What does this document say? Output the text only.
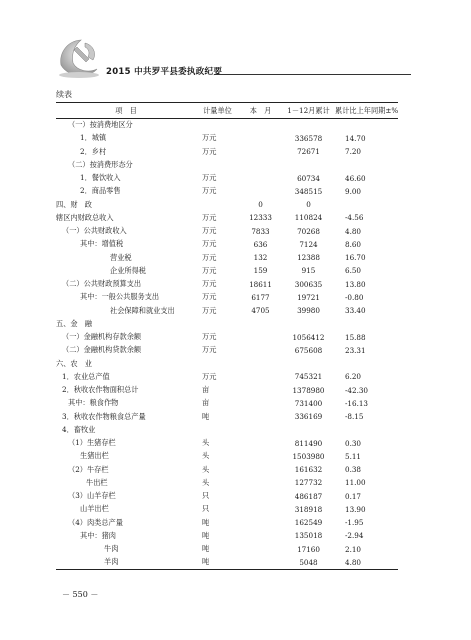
2015 中共罗平县委执政纪要
续表
项　目	计量单位	本　月	1－12月累计	累计比上年同期±%
（一）按消费地区分				
1．城镇	万元		336578	14.70
2．乡村	万元		72671	7.20
（二）按消费形态分				
1．餐饮收入	万元		60734	46.60
2．商品零售	万元		348515	9.00
四、财　政		0	0	
辖区内财政总收入	万元	12333	110824	-4.56
（一）公共财政收入	万元	7833	70268	4.80
其中：增值税	万元	636	7124	8.60
营业税	万元	132	12388	16.70
企业所得税	万元	159	915	6.50
（二）公共财政预算支出	万元	18611	300635	13.80
其中：一般公共服务支出	万元	6177	19721	-0.80
社会保障和就业支出	万元	4705	39980	33.40
五、金　融				
（一）金融机构存款余额	万元		1056412	15.88
（二）金融机构贷款余额	万元		675608	23.31
六、农　业				
1．农业总产值	万元		745321	6.20
2．秋收农作物面积总计	亩		1378980	-42.30
其中：粮食作物	亩		731400	-16.13
3．秋收农作物粮食总产量	吨		336169	-8.15
4．畜牧业				
（1）生猪存栏	头		811490	0.30
生猪出栏	头		1503980	5.11
（2）牛存栏	头		161632	0.38
牛出栏	头		127732	11.00
（3）山羊存栏	只		486187	0.17
山羊出栏	只		318918	13.90
（4）肉类总产量	吨		162549	-1.95
其中：猪肉	吨		135018	-2.94
牛肉	吨		17160	2.10
羊肉	吨		5048	4.80
－ 550 －
